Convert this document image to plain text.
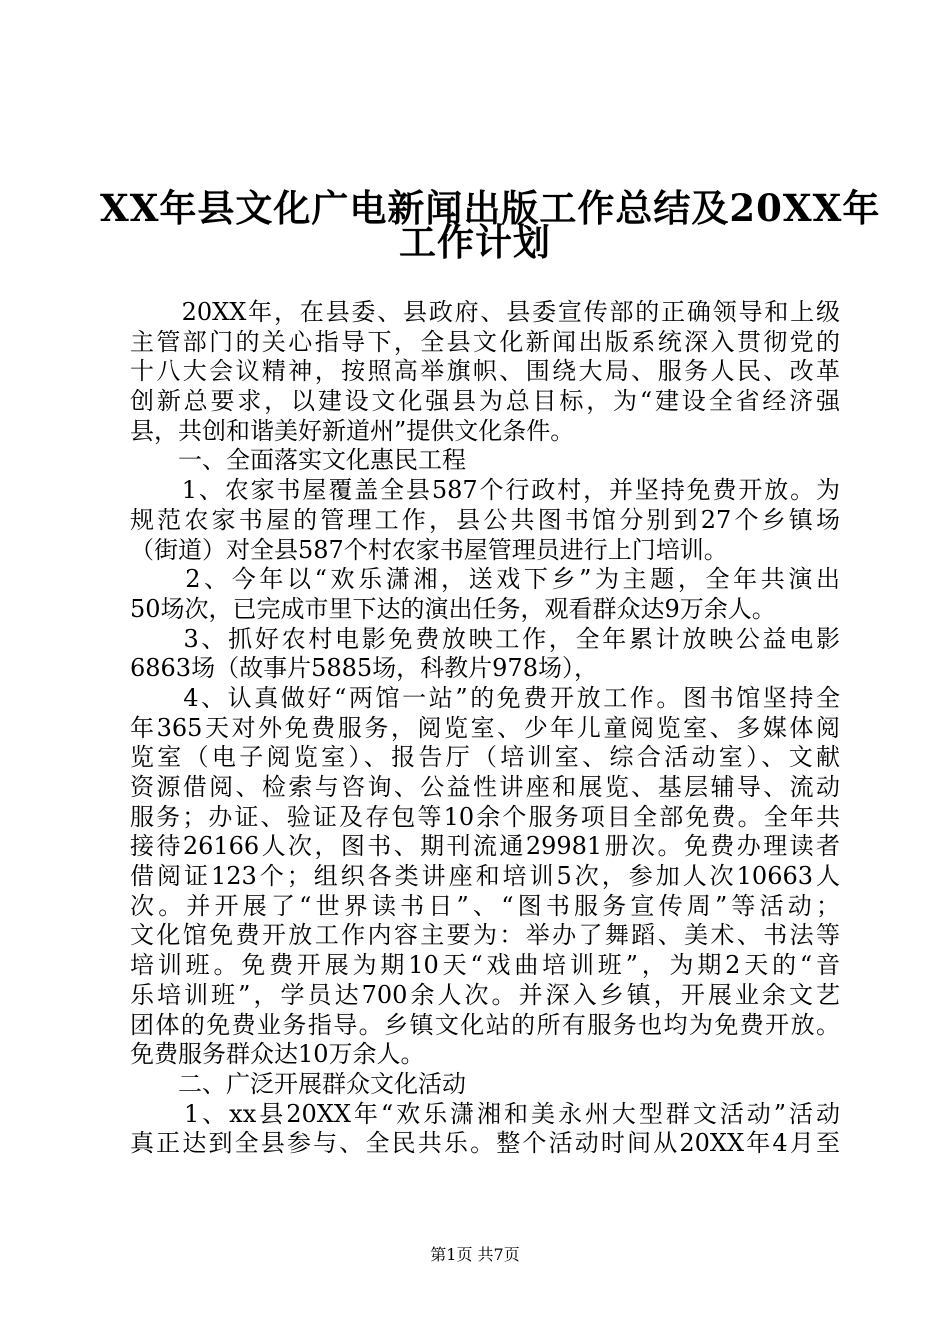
XX年县文化广电新闻出版工作总结及20XX年
工作计划
　　20XX年，在县委、县政府、县委宣传部的正确领导和上级
主管部门的关心指导下，全县文化新闻出版系统深入贯彻党的
十八大会议精神，按照高举旗帜、围绕大局、服务人民、改革
创新总要求，以建设文化强县为总目标，为“建设全省经济强
县，共创和谐美好新道州”提供文化条件。
　　一、全面落实文化惠民工程
　　1、农家书屋覆盖全县587个行政村，并坚持免费开放。为
规范农家书屋的管理工作，县公共图书馆分别到27个乡镇场
（街道）对全县587个村农家书屋管理员进行上门培训。
　　2、今年以“欢乐潇湘，送戏下乡”为主题，全年共演出
50场次，已完成市里下达的演出任务，观看群众达9万余人。
　　3、抓好农村电影免费放映工作，全年累计放映公益电影
6863场（故事片5885场，科教片978场），
　　4、认真做好“两馆一站”的免费开放工作。图书馆坚持全
年365天对外免费服务，阅览室、少年儿童阅览室、多媒体阅
览室（电子阅览室）、报告厅（培训室、综合活动室）、文献
资源借阅、检索与咨询、公益性讲座和展览、基层辅导、流动
服务；办证、验证及存包等10余个服务项目全部免费。全年共
接待26166人次，图书、期刊流通29981册次。免费办理读者
借阅证123个；组织各类讲座和培训5次，参加人次10663人
次。并开展了“世界读书日”、“图书服务宣传周”等活动；
文化馆免费开放工作内容主要为：举办了舞蹈、美术、书法等
培训班。免费开展为期10天“戏曲培训班”，为期2天的“音
乐培训班”，学员达700余人次。并深入乡镇，开展业余文艺
团体的免费业务指导。乡镇文化站的所有服务也均为免费开放。
免费服务群众达10万余人。
　　二、广泛开展群众文化活动
　　1、xx县20XX年“欢乐潇湘和美永州大型群文活动”活动
真正达到全县参与、全民共乐。整个活动时间从20XX年4月至
第1页 共7页
